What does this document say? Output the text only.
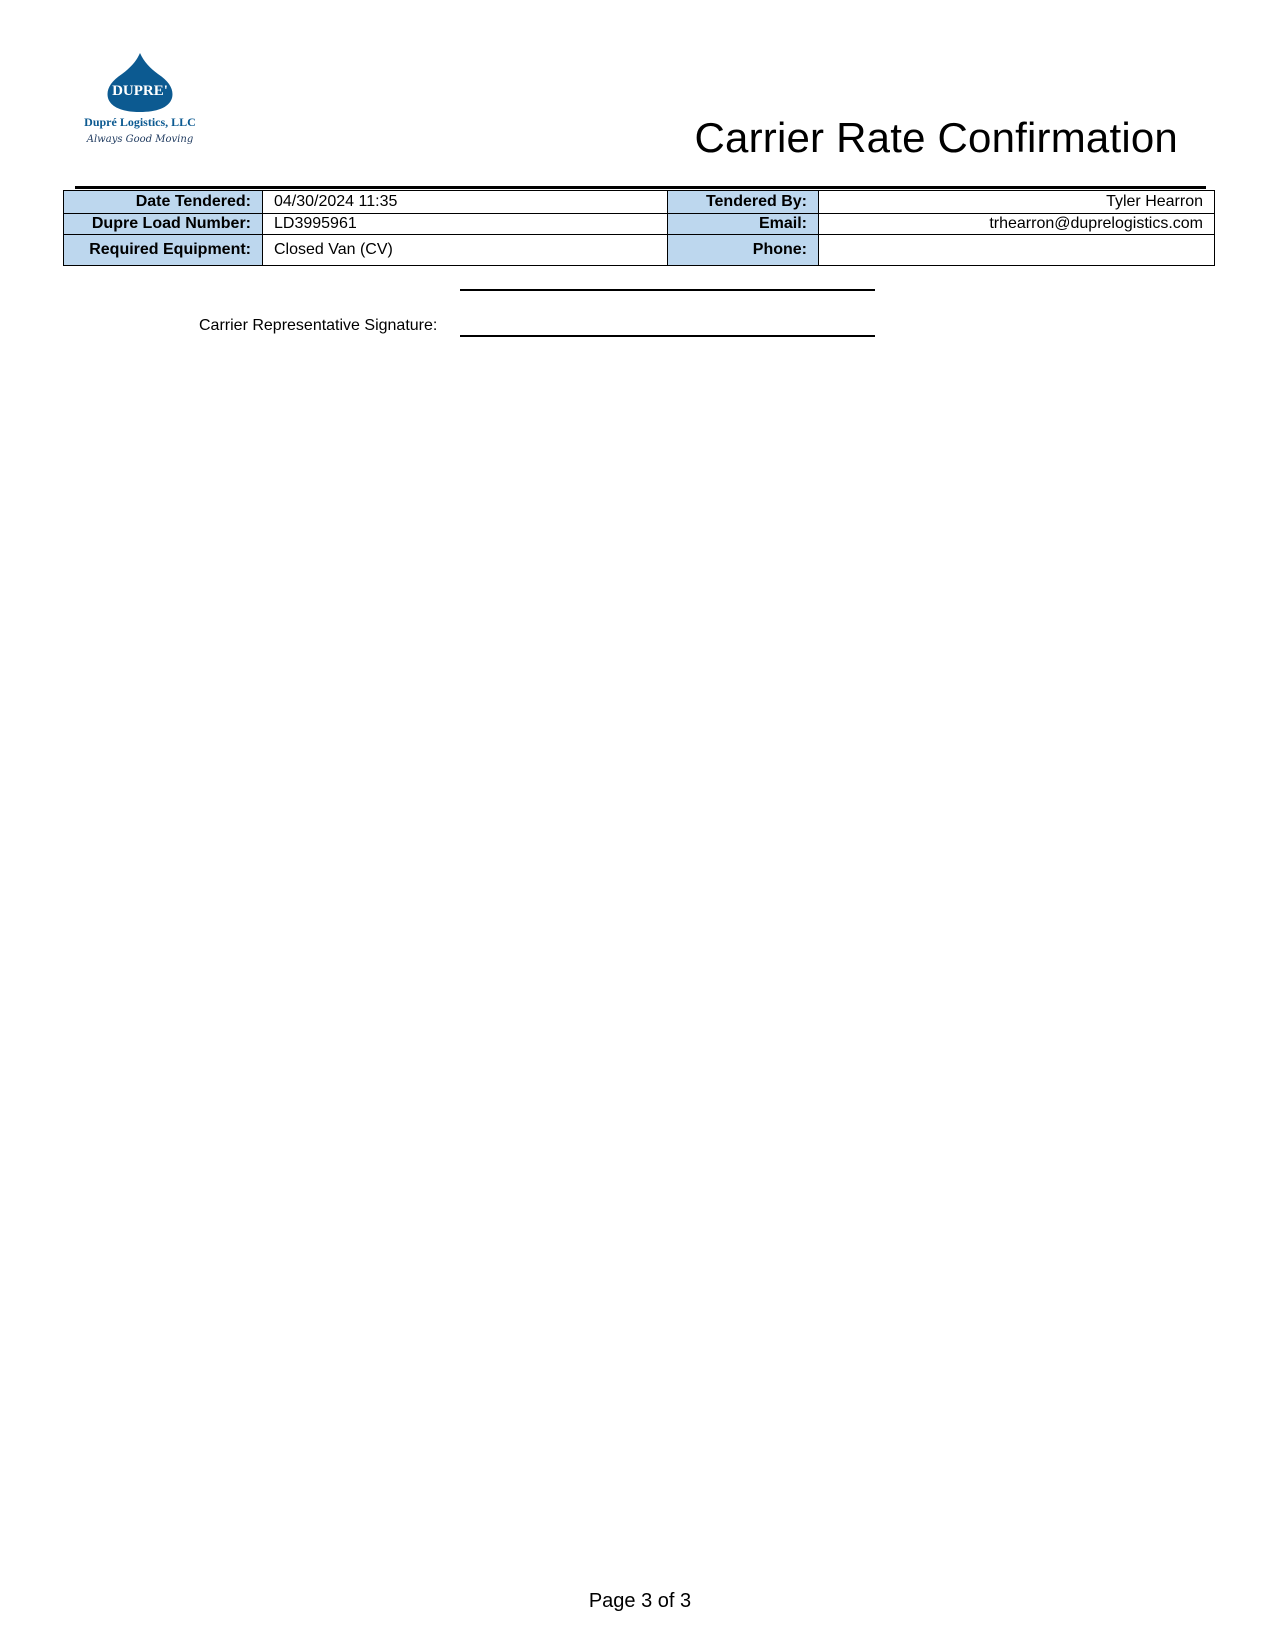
DUPRE'
Dupré Logistics, LLC
Always Good Moving	Carrier Rate Confirmation
Date Tendered:	04/30/2024 11:35	Tendered By:	Tyler Hearron
Dupre Load Number:	LD3995961	Email:	trhearron@duprelogistics.com
Required Equipment:	Closed Van (CV)	Phone:	
Carrier Representative Signature:
Page 3 of 3
